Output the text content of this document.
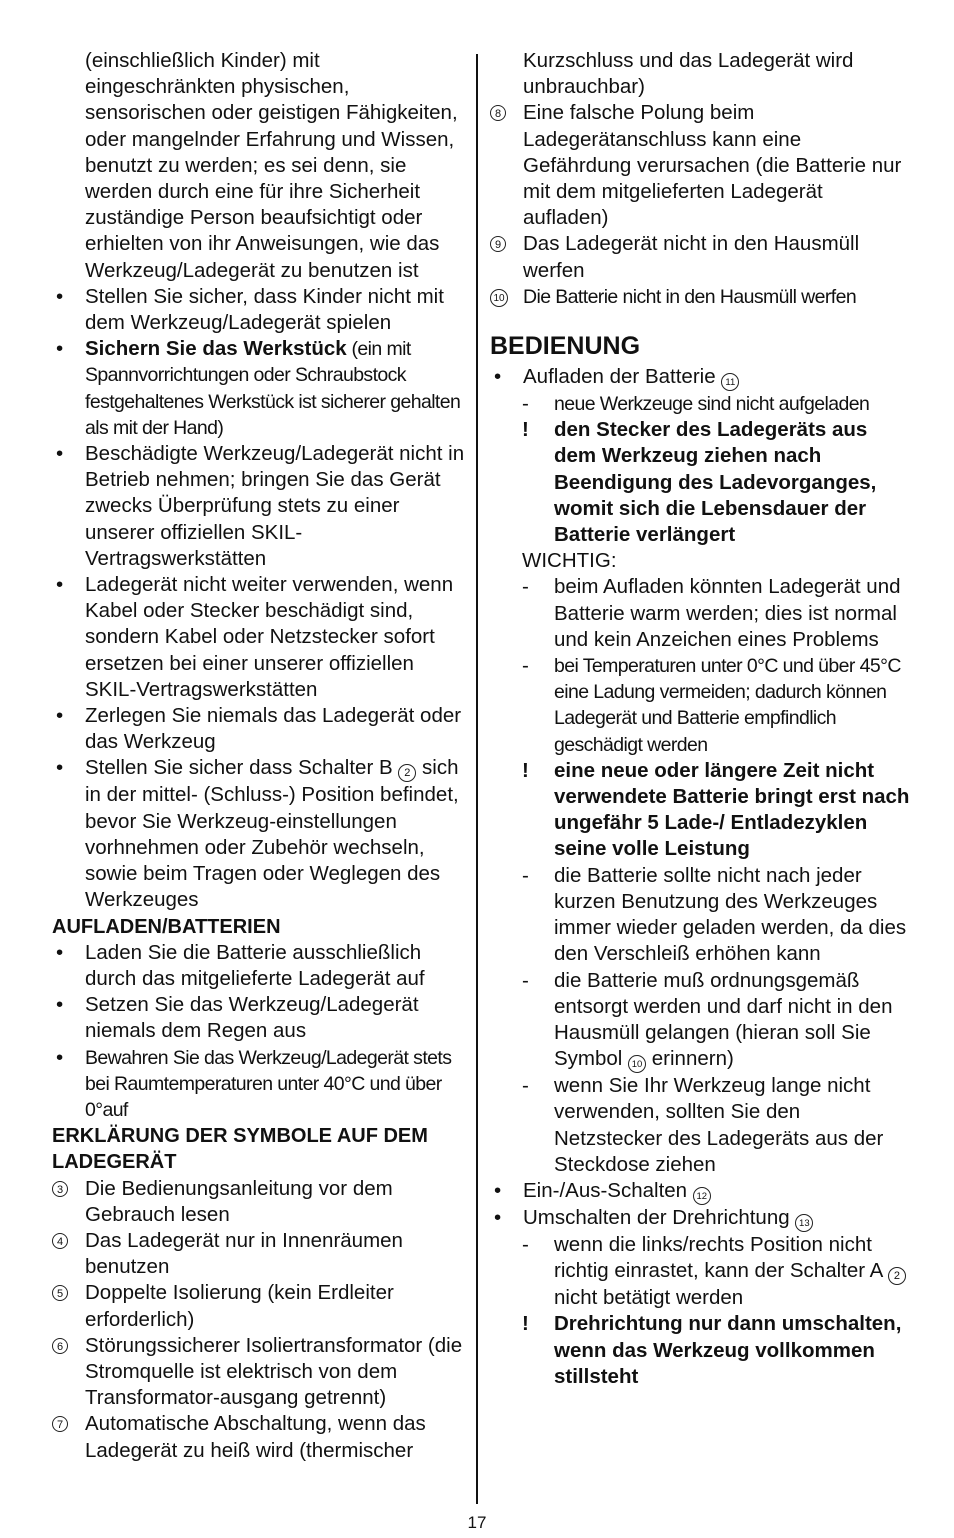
(einschließlich Kinder) mit eingeschränkten physischen, sensorischen oder geistigen Fähigkeiten, oder mangelnder Erfahrung und Wissen, benutzt zu werden; es sei denn, sie werden durch eine für ihre Sicherheit zuständige Person beaufsichtigt oder erhielten von ihr Anweisungen, wie das Werkzeug/Ladegerät zu benutzen ist
Stellen Sie sicher, dass Kinder nicht mit dem Werkzeug/Ladegerät spielen
Sichern Sie das Werkstück (ein mit Spannvorrichtungen oder Schraubstock festgehaltenes Werkstück ist sicherer gehalten als mit der Hand)
Beschädigte Werkzeug/Ladegerät nicht in Betrieb nehmen; bringen Sie das Gerät zwecks Überprüfung stets zu einer unserer offiziellen SKIL-Vertragswerkstätten
Ladegerät nicht weiter verwenden, wenn Kabel oder Stecker beschädigt sind, sondern Kabel oder Netzstecker sofort ersetzen bei einer unserer offiziellen SKIL-Vertragswerkstätten
Zerlegen Sie niemals das Ladegerät oder das Werkzeug
Stellen Sie sicher dass Schalter B 2 sich in der mittel- (Schluss-) Position befindet, bevor Sie Werkzeug-einstellungen vorhnehmen oder Zubehör wechseln, sowie beim Tragen oder Weglegen des Werkzeuges
AUFLADEN/BATTERIEN
Laden Sie die Batterie ausschließlich durch das mitgelieferte Ladegerät auf
Setzen Sie das Werkzeug/Ladegerät niemals dem Regen aus
Bewahren Sie das Werkzeug/Ladegerät stets bei Raumtemperaturen unter 40°C und über 0°auf
ERKLÄRUNG DER SYMBOLE AUF DEM LADEGERÄT
3 Die Bedienungsanleitung vor dem Gebrauch lesen
4 Das Ladegerät nur in Innenräumen benutzen
5 Doppelte Isolierung (kein Erdleiter erforderlich)
6 Störungssicherer Isoliertransformator (die Stromquelle ist elektrisch von dem Transformator-ausgang getrennt)
7 Automatische Abschaltung, wenn das Ladegerät zu heiß wird (thermischer
Kurzschluss und das Ladegerät wird unbrauchbar)
8 Eine falsche Polung beim Ladegerätanschluss kann eine Gefährdung verursachen (die Batterie nur mit dem mitgelieferten Ladegerät aufladen)
9 Das Ladegerät nicht in den Hausmüll werfen
10 Die Batterie nicht in den Hausmüll werfen
BEDIENUNG
Aufladen der Batterie 11
- neue Werkzeuge sind nicht aufgeladen
! den Stecker des Ladegeräts aus dem Werkzeug ziehen nach Beendigung des Ladevorganges, womit sich die Lebensdauer der Batterie verlängert
WICHTIG:
- beim Aufladen könnten Ladegerät und Batterie warm werden; dies ist normal und kein Anzeichen eines Problems
- bei Temperaturen unter 0°C und über 45°C eine Ladung vermeiden; dadurch können Ladegerät und Batterie empfindlich geschädigt werden
! eine neue oder längere Zeit nicht verwendete Batterie bringt erst nach ungefähr 5 Lade-/ Entladezyklen seine volle Leistung
- die Batterie sollte nicht nach jeder kurzen Benutzung des Werkzeuges immer wieder geladen werden, da dies den Verschleiß erhöhen kann
- die Batterie muß ordnungsgemäß entsorgt werden und darf nicht in den Hausmüll gelangen (hieran soll Sie Symbol 10 erinnern)
- wenn Sie Ihr Werkzeug lange nicht verwenden, sollten Sie den Netzstecker des Ladegeräts aus der Steckdose ziehen
Ein-/Aus-Schalten 12
Umschalten der Drehrichtung 13
- wenn die links/rechts Position nicht richtig einrastet, kann der Schalter A 2 nicht betätigt werden
! Drehrichtung nur dann umschalten, wenn das Werkzeug vollkommen stillsteht
17
